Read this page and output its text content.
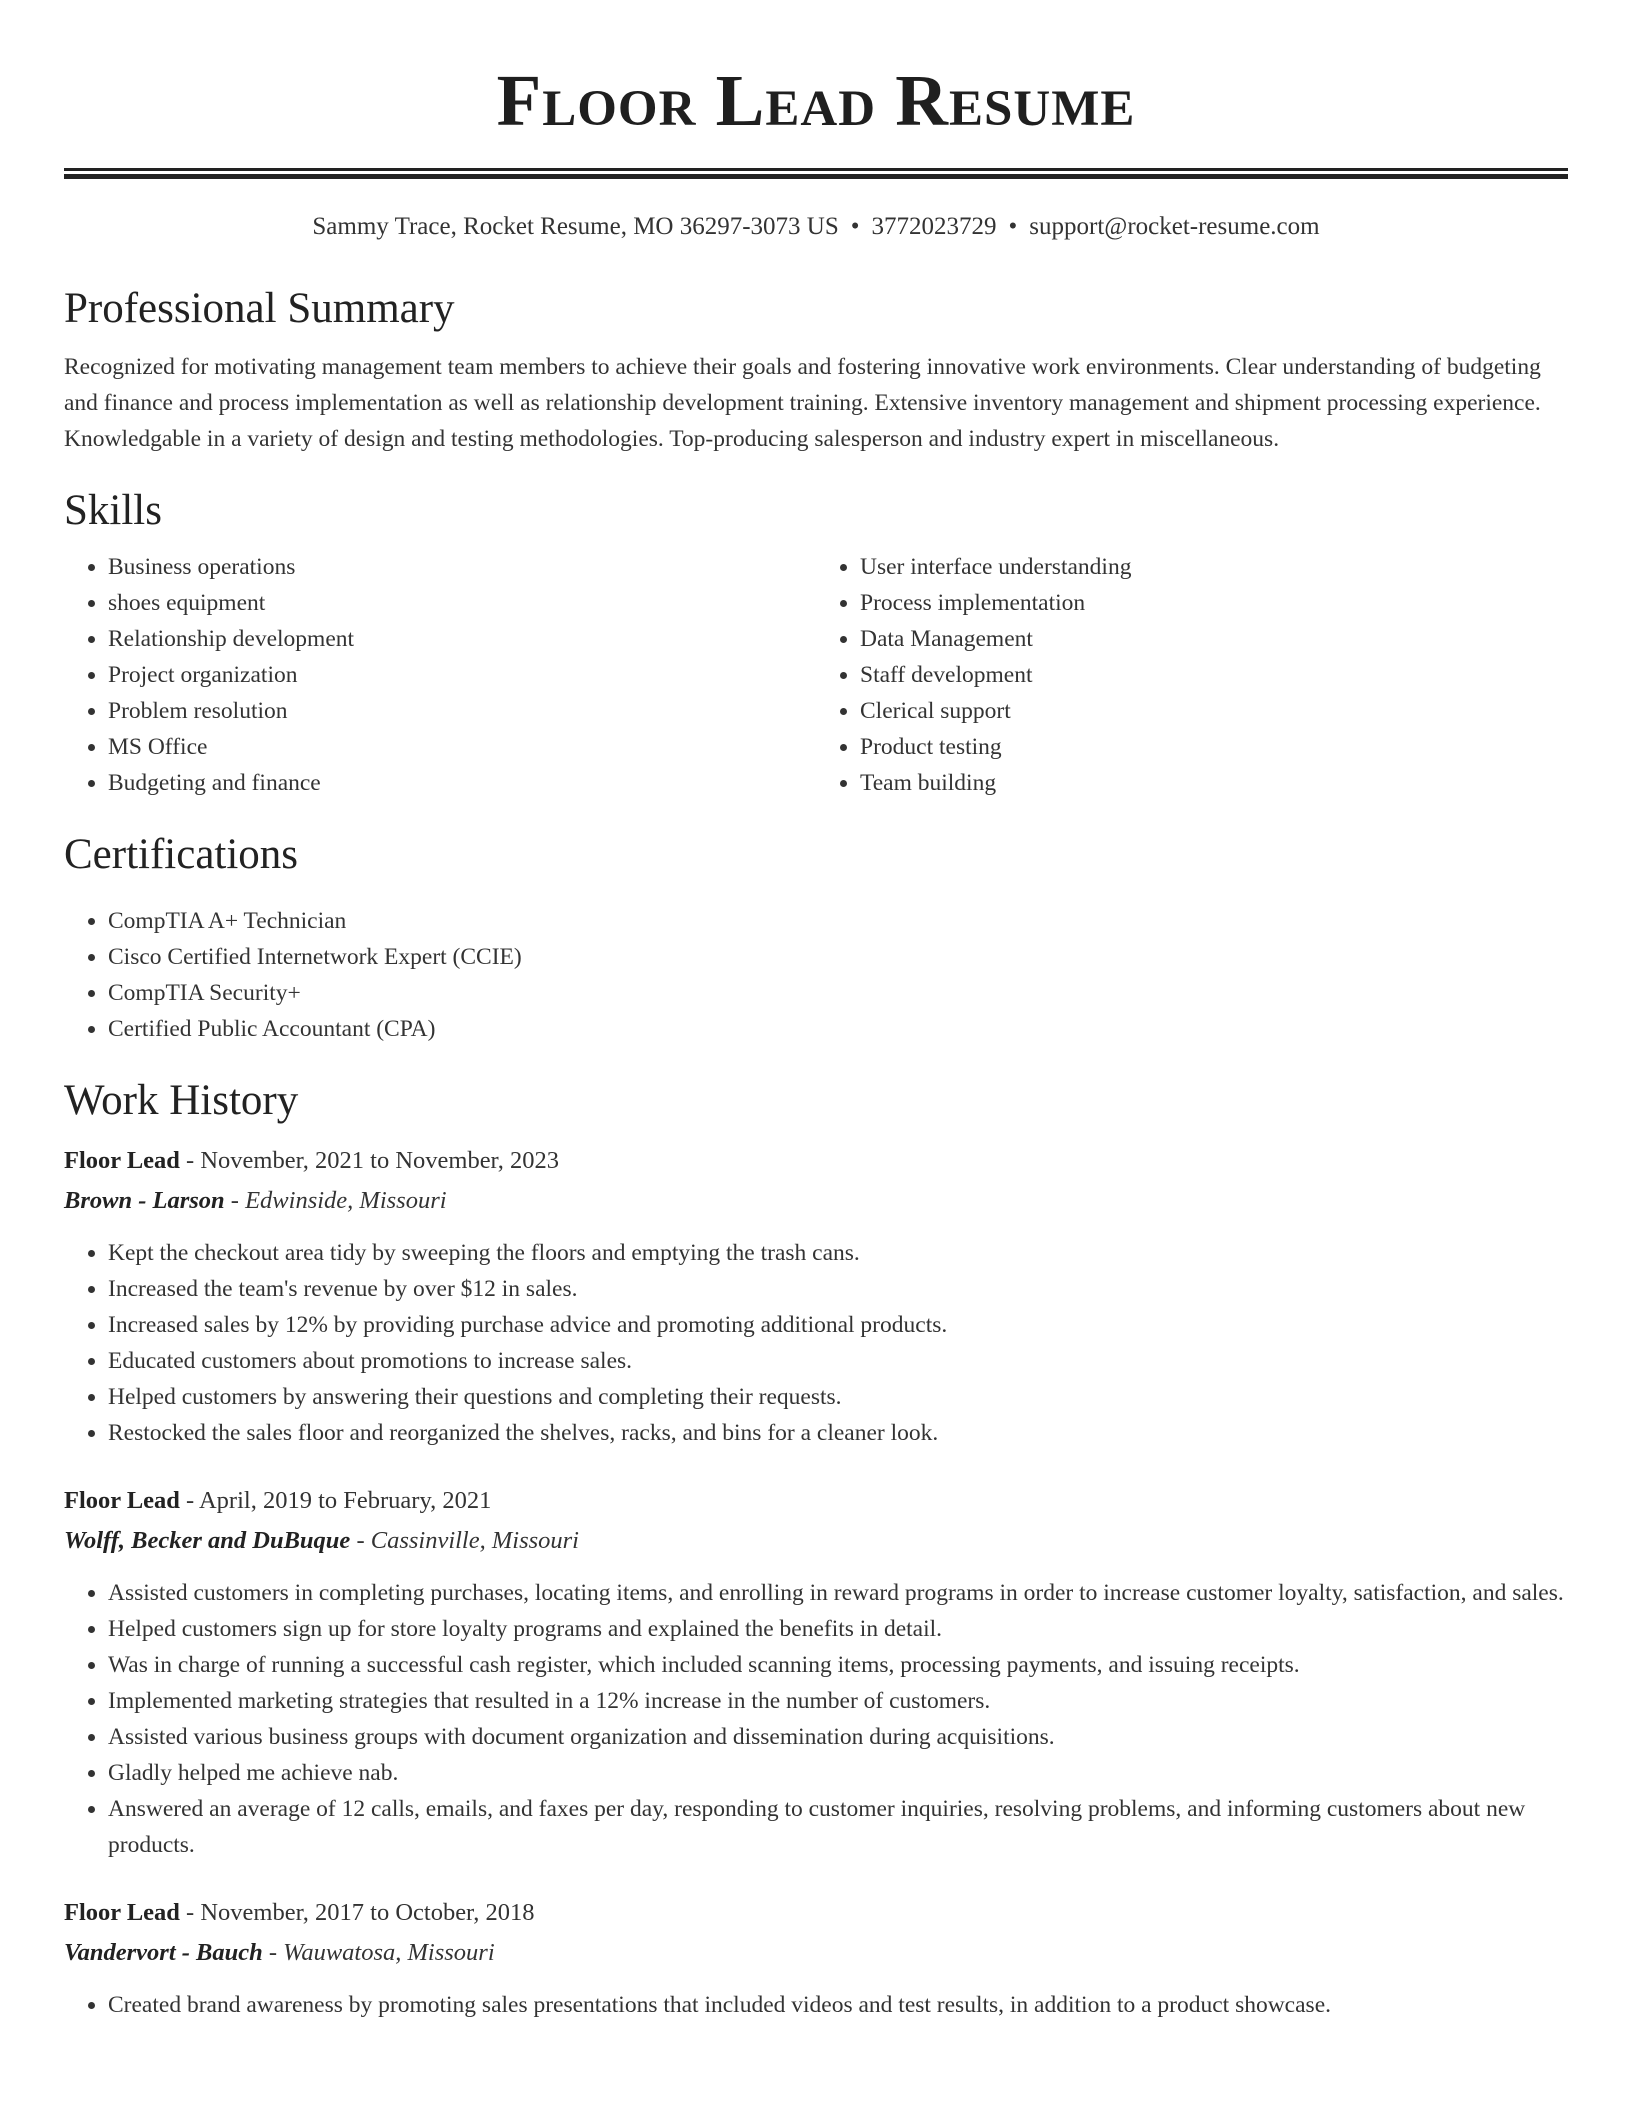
Floor Lead Resume
Sammy Trace, Rocket Resume, MO 36297-3073 US • 3772023729 • support@rocket-resume.com
Professional Summary

Recognized for motivating management team members to achieve their goals and fostering innovative work environments. Clear understanding of budgeting and finance and process implementation as well as relationship development training. Extensive inventory management and shipment processing experience. Knowledgable in a variety of design and testing methodologies. Top-producing salesperson and industry expert in miscellaneous.

Skills
• Business operations
• shoes equipment
• Relationship development
• Project organization
• Problem resolution
• MS Office
• Budgeting and finance
• User interface understanding
• Process implementation
• Data Management
• Staff development
• Clerical support
• Product testing
• Team building
Certifications
• CompTIA A+ Technician
• Cisco Certified Internetwork Expert (CCIE)
• CompTIA Security+
• Certified Public Accountant (CPA)
Work History
Floor Lead - November, 2021 to November, 2023
Brown - Larson - Edwinside, Missouri
• Kept the checkout area tidy by sweeping the floors and emptying the trash cans.
• Increased the team's revenue by over $12 in sales.
• Increased sales by 12% by providing purchase advice and promoting additional products.
• Educated customers about promotions to increase sales.
• Helped customers by answering their questions and completing their requests.
• Restocked the sales floor and reorganized the shelves, racks, and bins for a cleaner look.
Floor Lead - April, 2019 to February, 2021
Wolff, Becker and DuBuque - Cassinville, Missouri
• Assisted customers in completing purchases, locating items, and enrolling in reward programs in order to increase customer loyalty, satisfaction, and sales.
• Helped customers sign up for store loyalty programs and explained the benefits in detail.
• Was in charge of running a successful cash register, which included scanning items, processing payments, and issuing receipts.
• Implemented marketing strategies that resulted in a 12% increase in the number of customers.
• Assisted various business groups with document organization and dissemination during acquisitions.
• Gladly helped me achieve nab.
• Answered an average of 12 calls, emails, and faxes per day, responding to customer inquiries, resolving problems, and informing customers about new products.
Floor Lead - November, 2017 to October, 2018
Vandervort - Bauch - Wauwatosa, Missouri
• Created brand awareness by promoting sales presentations that included videos and test results, in addition to a product showcase.
